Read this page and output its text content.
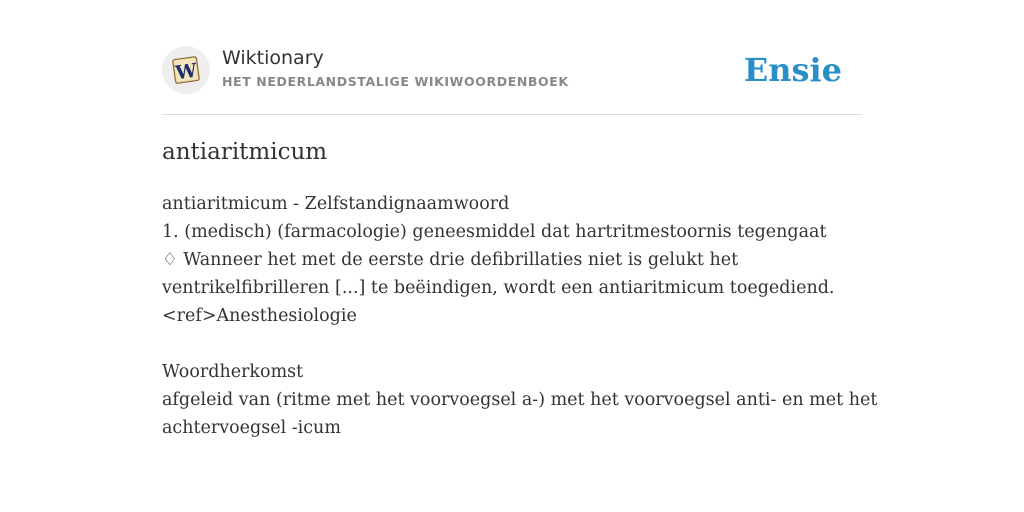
W
Wiktionary
HET NEDERLANDSTALIGE WIKIWOORDENBOEK	Ensie
antiaritmicum
antiaritmicum - Zelfstandignaamwoord
1. (medisch) (farmacologie) geneesmiddel dat hartritmestoornis tegengaat
♢ Wanneer het met de eerste drie defibrillaties niet is gelukt het
ventrikelfibrilleren [...] te beëindigen, wordt een antiaritmicum toegediend.
<ref>Anesthesiologie
Woordherkomst
afgeleid van (ritme met het voorvoegsel a-) met het voorvoegsel anti- en met het
achtervoegsel -icum
